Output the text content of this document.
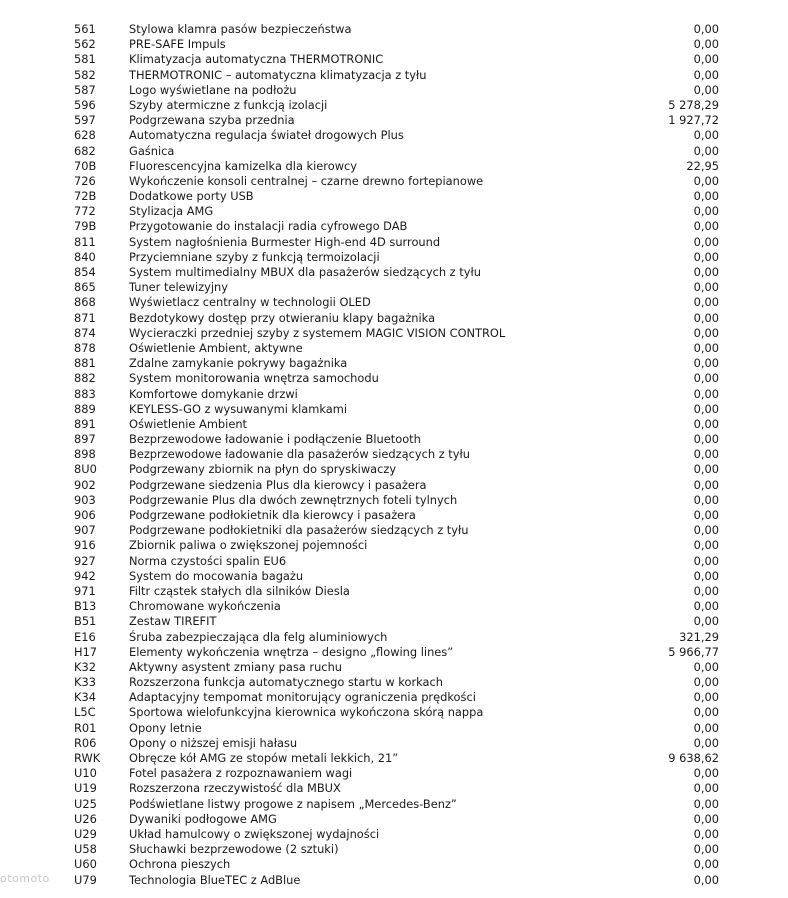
561	Stylowa klamra pasów bezpieczeństwa	0,00
562	PRE-SAFE Impuls	0,00
581	Klimatyzacja automatyczna THERMOTRONIC	0,00
582	THERMOTRONIC – automatyczna klimatyzacja z tyłu	0,00
587	Logo wyświetlane na podłożu	0,00
596	Szyby atermiczne z funkcją izolacji	5 278,29
597	Podgrzewana szyba przednia	1 927,72
628	Automatyczna regulacja świateł drogowych Plus	0,00
682	Gaśnica	0,00
70B	Fluorescencyjna kamizelka dla kierowcy	22,95
726	Wykończenie konsoli centralnej – czarne drewno fortepianowe	0,00
72B	Dodatkowe porty USB	0,00
772	Stylizacja AMG	0,00
79B	Przygotowanie do instalacji radia cyfrowego DAB	0,00
811	System nagłośnienia Burmester High-end 4D surround	0,00
840	Przyciemniane szyby z funkcją termoizolacji	0,00
854	System multimedialny MBUX dla pasażerów siedzących z tyłu	0,00
865	Tuner telewizyjny	0,00
868	Wyświetlacz centralny w technologii OLED	0,00
871	Bezdotykowy dostęp przy otwieraniu klapy bagażnika	0,00
874	Wycieraczki przedniej szyby z systemem MAGIC VISION CONTROL	0,00
878	Oświetlenie Ambient, aktywne	0,00
881	Zdalne zamykanie pokrywy bagażnika	0,00
882	System monitorowania wnętrza samochodu	0,00
883	Komfortowe domykanie drzwi	0,00
889	KEYLESS-GO z wysuwanymi klamkami	0,00
891	Oświetlenie Ambient	0,00
897	Bezprzewodowe ładowanie i podłączenie Bluetooth	0,00
898	Bezprzewodowe ładowanie dla pasażerów siedzących z tyłu	0,00
8U0	Podgrzewany zbiornik na płyn do spryskiwaczy	0,00
902	Podgrzewane siedzenia Plus dla kierowcy i pasażera	0,00
903	Podgrzewanie Plus dla dwóch zewnętrznych foteli tylnych	0,00
906	Podgrzewane podłokietnik dla kierowcy i pasażera	0,00
907	Podgrzewane podłokietniki dla pasażerów siedzących z tyłu	0,00
916	Zbiornik paliwa o zwiększonej pojemności	0,00
927	Norma czystości spalin EU6	0,00
942	System do mocowania bagażu	0,00
971	Filtr cząstek stałych dla silników Diesla	0,00
B13	Chromowane wykończenia	0,00
B51	Zestaw TIREFIT	0,00
E16	Śruba zabezpieczająca dla felg aluminiowych	321,29
H17	Elementy wykończenia wnętrza – designo „flowing lines”	5 966,77
K32	Aktywny asystent zmiany pasa ruchu	0,00
K33	Rozszerzona funkcja automatycznego startu w korkach	0,00
K34	Adaptacyjny tempomat monitorujący ograniczenia prędkości	0,00
L5C	Sportowa wielofunkcyjna kierownica wykończona skórą nappa	0,00
R01	Opony letnie	0,00
R06	Opony o niższej emisji hałasu	0,00
RWK	Obręcze kół AMG ze stopów metali lekkich, 21”	9 638,62
U10	Fotel pasażera z rozpoznawaniem wagi	0,00
U19	Rozszerzona rzeczywistość dla MBUX	0,00
U25	Podświetlane listwy progowe z napisem „Mercedes-Benz”	0,00
U26	Dywaniki podłogowe AMG	0,00
U29	Układ hamulcowy o zwiększonej wydajności	0,00
U58	Słuchawki bezprzewodowe (2 sztuki)	0,00
U60	Ochrona pieszych	0,00
U79	Technologia BlueTEC z AdBlue	0,00
otomoto
